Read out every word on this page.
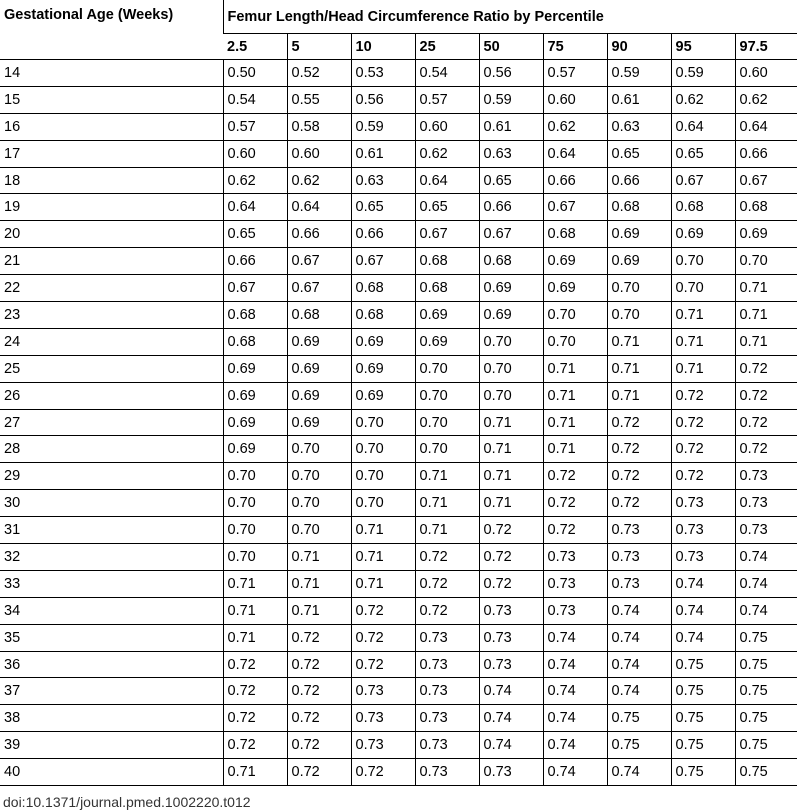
Gestational Age (Weeks)	Femur Length/Head Circumference Ratio by Percentile								
	2.5	5	10	25	50	75	90	95	97.5
14	0.50	0.52	0.53	0.54	0.56	0.57	0.59	0.59	0.60
15	0.54	0.55	0.56	0.57	0.59	0.60	0.61	0.62	0.62
16	0.57	0.58	0.59	0.60	0.61	0.62	0.63	0.64	0.64
17	0.60	0.60	0.61	0.62	0.63	0.64	0.65	0.65	0.66
18	0.62	0.62	0.63	0.64	0.65	0.66	0.66	0.67	0.67
19	0.64	0.64	0.65	0.65	0.66	0.67	0.68	0.68	0.68
20	0.65	0.66	0.66	0.67	0.67	0.68	0.69	0.69	0.69
21	0.66	0.67	0.67	0.68	0.68	0.69	0.69	0.70	0.70
22	0.67	0.67	0.68	0.68	0.69	0.69	0.70	0.70	0.71
23	0.68	0.68	0.68	0.69	0.69	0.70	0.70	0.71	0.71
24	0.68	0.69	0.69	0.69	0.70	0.70	0.71	0.71	0.71
25	0.69	0.69	0.69	0.70	0.70	0.71	0.71	0.71	0.72
26	0.69	0.69	0.69	0.70	0.70	0.71	0.71	0.72	0.72
27	0.69	0.69	0.70	0.70	0.71	0.71	0.72	0.72	0.72
28	0.69	0.70	0.70	0.70	0.71	0.71	0.72	0.72	0.72
29	0.70	0.70	0.70	0.71	0.71	0.72	0.72	0.72	0.73
30	0.70	0.70	0.70	0.71	0.71	0.72	0.72	0.73	0.73
31	0.70	0.70	0.71	0.71	0.72	0.72	0.73	0.73	0.73
32	0.70	0.71	0.71	0.72	0.72	0.73	0.73	0.73	0.74
33	0.71	0.71	0.71	0.72	0.72	0.73	0.73	0.74	0.74
34	0.71	0.71	0.72	0.72	0.73	0.73	0.74	0.74	0.74
35	0.71	0.72	0.72	0.73	0.73	0.74	0.74	0.74	0.75
36	0.72	0.72	0.72	0.73	0.73	0.74	0.74	0.75	0.75
37	0.72	0.72	0.73	0.73	0.74	0.74	0.74	0.75	0.75
38	0.72	0.72	0.73	0.73	0.74	0.74	0.75	0.75	0.75
39	0.72	0.72	0.73	0.73	0.74	0.74	0.75	0.75	0.75
40	0.71	0.72	0.72	0.73	0.73	0.74	0.74	0.75	0.75
doi:10.1371/journal.pmed.1002220.t012
